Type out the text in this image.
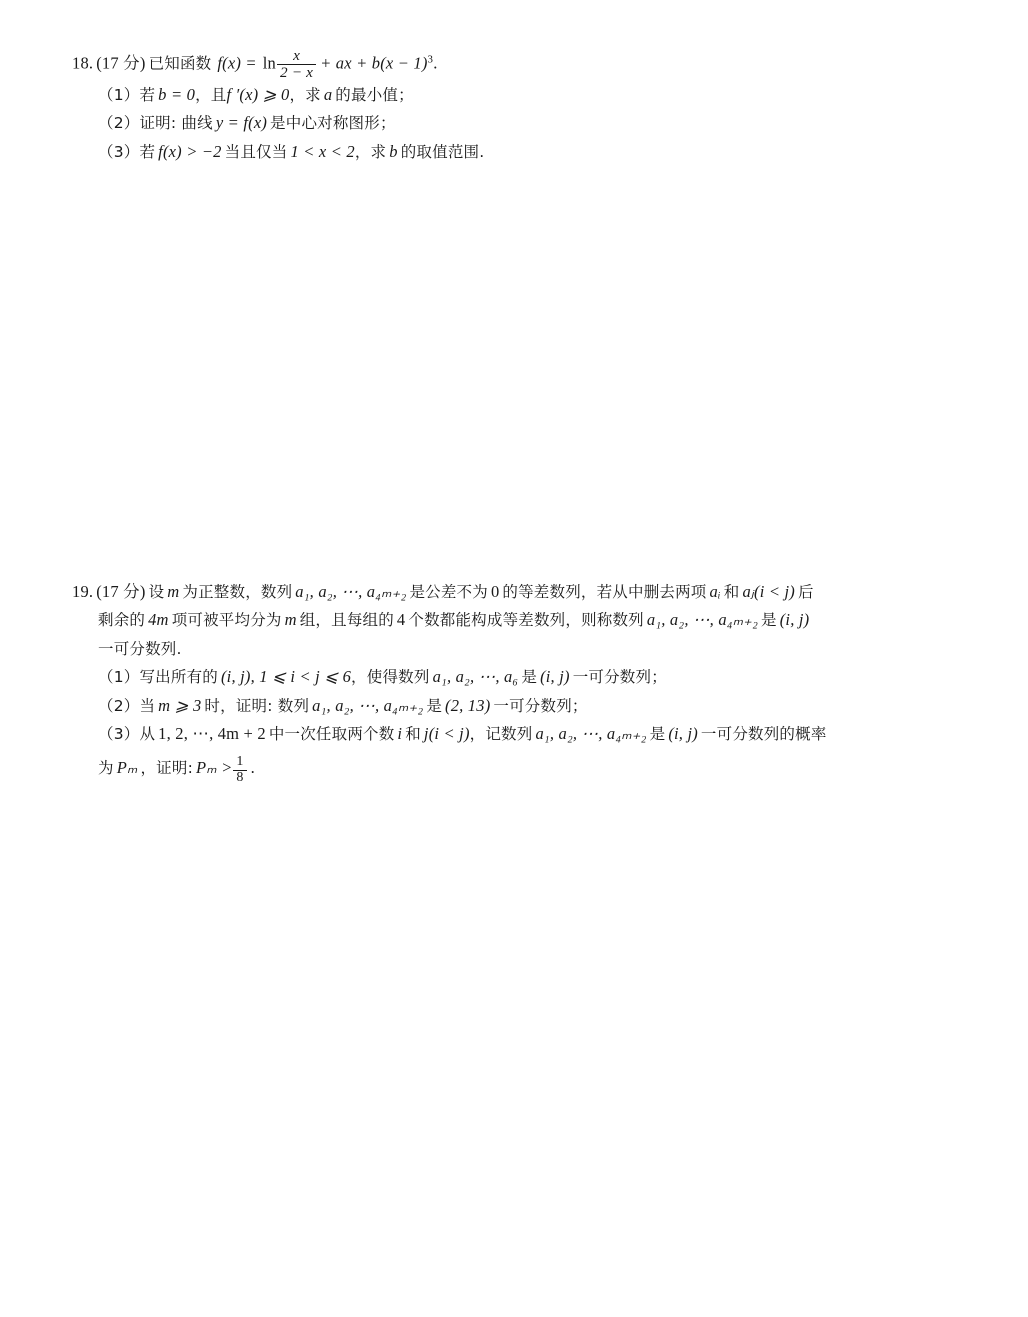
18. (17 分) 已知函数 $f(x) = \ln \frac{x}{2 - x}$ + ax + $b(x - 1)^3$.
（1）若 b = 0，且f ′(x) ⩾ 0，求 a 的最小值；
（2）证明: 曲线 y = f(x) 是中心对称图形；
（3）若 f(x) > −2 当且仅当 1 < x < 2，求 b 的取值范围.
19. (17 分) 设 m 为正整数，数列 a₁, a₂, ⋯, a₄ₘ₊₂ 是公差不为 0 的等差数列，若从中删去两项 aᵢ 和 aⱼ(i < j) 后
剩余的 4m 项可被平均分为 m 组，且每组的 4 个数都能构成等差数列，则称数列 a₁, a₂, ⋯, a₄ₘ₊₂ 是 (i, j)
一可分数列.
（1）写出所有的 (i, j), 1 ⩽ i < j ⩽ 6，使得数列 a₁, a₂, ⋯, a₆ 是 (i, j) 一可分数列；
（2）当 m ⩾ 3 时，证明: 数列 a₁, a₂, ⋯, a₄ₘ₊₂ 是 (2, 13) 一可分数列；
（3）从 1, 2, ⋯, 4m + 2 中一次任取两个数 i 和 j(i < j)，记数列 a₁, a₂, ⋯, a₄ₘ₊₂ 是 (i, j) 一可分数列的概率
为 Pₘ ，证明: $P_m > \frac{1}{8}$ .
